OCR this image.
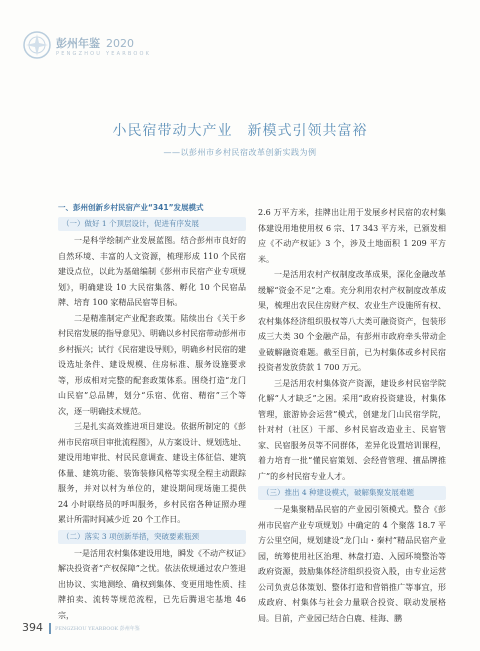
彭州年鉴 2020
PENGZHOU YEARBOOK
小民宿带动大产业　新模式引领共富裕
——以彭州市乡村民宿改革创新实践为例
一、彭州创新乡村民宿产业“341”发展模式
（一）做好 1 个顶层设计，促进有序发展

一是科学绘制产业发展蓝图。结合彭州市良好的自然环境、丰富的人文资源，梳理形成 110 个民宿建设点位，以此为基础编制《彭州市民宿产业专项规划》，明确建设 10 大民宿集落、孵化 10 个民宿品牌、培育 100 家精品民宿等目标。

二是精准制定产业配套政策。陆续出台《关于乡村民宿发展的指导意见》、明确以乡村民宿带动彭州市乡村振兴；试行《民宿建设导则》，明确乡村民宿的建设选址条件、建设规模、住房标准、服务设施要求等，形成相对完整的配套政策体系。围绕打造“龙门山民宿”总品牌，划分“乐宿、优宿、精宿”三个等次，逐一明确技术规范。

三是扎实高效推进项目建设。依据所制定的《彭州市民宿项目审批流程图》，从方案设计、规划选址、建设用地审批、村民民意调查、建设主体征信、建筑体量、建筑功能、装饰装修风格等实现全程主动跟踪服务，并对以村为单位的，建设期间现场施工提供 24 小时联络员的呼叫服务，乡村民宿各种证照办理累计所需时间减少近 20 个工作日。

（二）落实 3 项创新举措，突破要素瓶颈

一是活用农村集体建设用地，瞬发《不动产权证》解决投资者“产权保障”之忧。依法依规通过农户签退出协议、实地测绘、确权到集体、变更用地性质、挂牌拍卖、流转等规范流程，已先后腾退宅基地 46 宗，

2.6 万平方米，挂牌出让用于发展乡村民宿的农村集体建设用地使用权 6 宗、17 343 平方米，已颁发相应《不动产权证》3 个，涉及土地面积 1 209 平方米。

一是活用农村产权制度改革成果，深化金融改革缓解“资金不足”之难。充分利用农村产权制度改革成果，梳理出农民住房财产权、农业生产设施所有权、农村集体经济组织股权等八大类可融资资产，包装形成三大类 30 个金融产品，有彭州市政府牵头带动企业破解融资难题。截至目前，已为村集体或乡村民宿投资者发放贷款 1 700 万元。

三是活用农村集体资产资源，建设乡村民宿学院化解“人才缺乏”之困。采用“政府投资建设，村集体管理，旅游协会运营”模式，创建龙门山民宿学院，针对村（社区）干部、乡村民宿改造业主、民宿管家、民宿服务员等不同群体，差异化设置培训课程，着力培育一批“懂民宿策划、会经营管理、擅品牌推广”的乡村民宿专业人才。

（三）推出 4 种建设模式，破解集聚发展难题

一是集聚精品民宿的产业园引领模式。整合《彭州市民宿产业专项规划》中确定的 4 个聚落 18.7 平方公里空间，规划建设“龙门山・秦村”精品民宿产业园，统筹使用社区治理、林盘打造、入园环境整治等政府资源，鼓励集体经济组织投资入股，由专业运营公司负责总体策划、整体打造和营销推广等事宜，形成政府、村集体与社会力量联合投资、联动发展格局。目前，产业园已结合白鹿、桂海、鹏

394 PENGZHOU YEARBOOK 彭州年鉴
